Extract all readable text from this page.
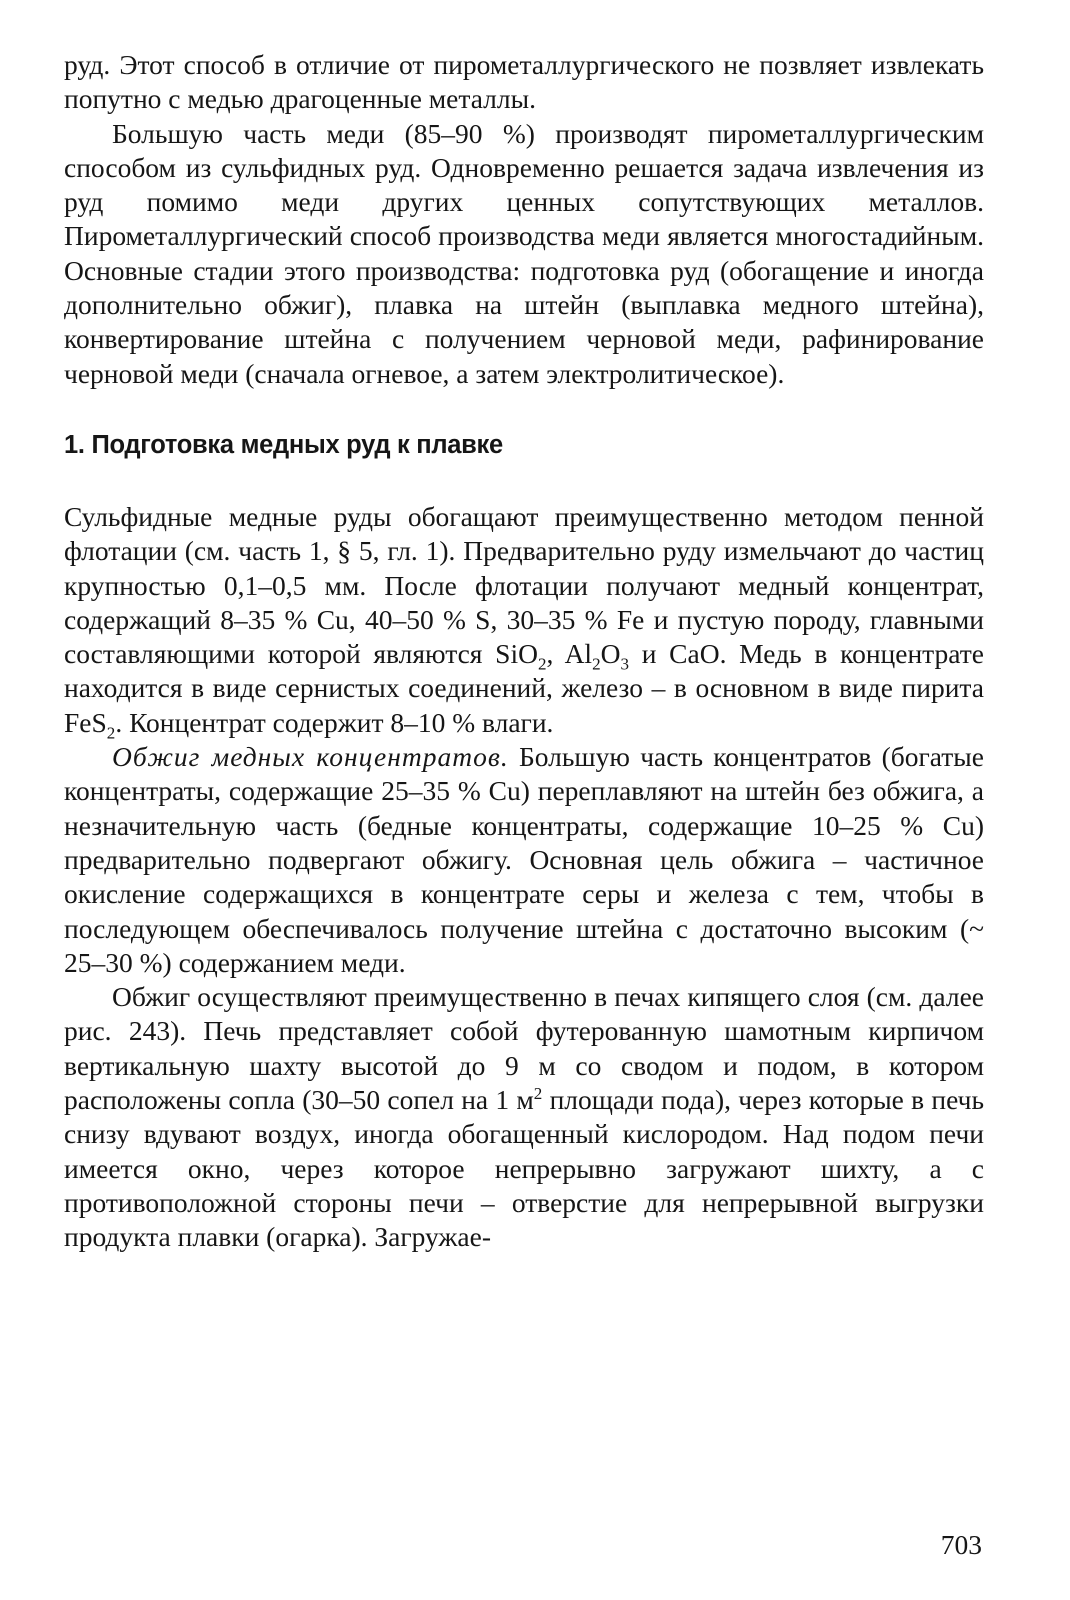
руд. Этот способ в отличие от пирометаллургического не позвляет извлекать попутно с медью драгоценные металлы.

Большую часть меди (85–90 %) производят пирометаллургическим способом из сульфидных руд. Одновременно решается задача извлечения из руд помимо меди других ценных сопутствующих металлов. Пирометаллургический способ производства меди является многостадийным. Основные стадии этого производства: подготовка руд (обогащение и иногда дополнительно обжиг), плавка на штейн (выплавка медного штейна), конвертирование штейна с получением черновой меди, рафинирование черновой меди (сначала огневое, а затем электролитическое).

1. Подготовка медных руд к плавке

Сульфидные медные руды обогащают преимущественно методом пенной флотации (см. часть 1, § 5, гл. 1). Предварительно руду измельчают до частиц крупностью 0,1–0,5 мм. После флотации получают медный концентрат, содержащий 8–35 % Cu, 40–50 % S, 30–35 % Fe и пустую породу, главными составляющими которой являются SiO$_2$, $Al_2O_3$ и CaO. Медь в концентрате находится в виде сернистых соединений, железо – в основном в виде пирита FeS$_2$. Концентрат содержит 8–10 % влаги.

Обжиг медных концентратов. Большую часть концентратов (богатые концентраты, содержащие 25–35 % Cu) переплавляют на штейн без обжига, а незначительную часть (бедные концентраты, содержащие 10–25 % Cu) предварительно подвергают обжигу. Основная цель обжига – частичное окисление содержащихся в концентрате серы и железа с тем, чтобы в последующем обеспечивалось получение штейна с достаточно высоким (~ 25–30 %) содержанием меди.

Обжиг осуществляют преимущественно в печах кипящего слоя (см. далее рис. 243). Печь представляет собой футерованную шамотным кирпичом вертикальную шахту высотой до 9 м со сводом и подом, в котором расположены сопла (30–50 сопел на 1 $м^2$ площади пода), через которые в печь снизу вдувают воздух, иногда обогащенный кислородом. Над подом печи имеется окно, через которое непрерывно загружают шихту, а с противоположной стороны печи – отверстие для непрерывной выгрузки продукта плавки (огарка). Загружае-

703
